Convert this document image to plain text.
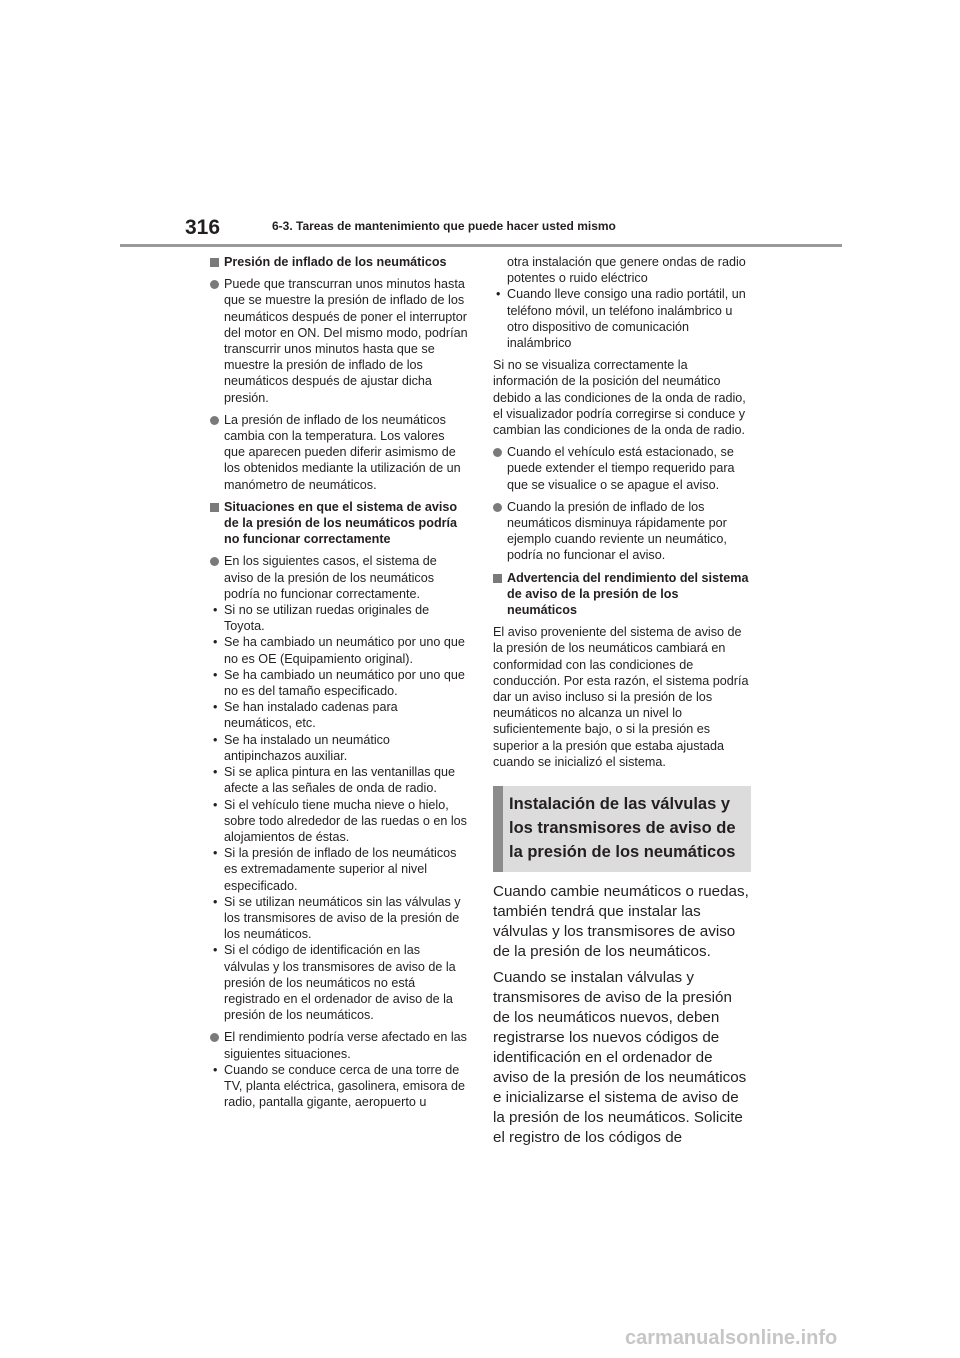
316	6-3. Tareas de mantenimiento que puede hacer usted mismo
Presión de inflado de los neumáticos
Puede que transcurran unos minutos hasta que se muestre la presión de inflado de los neumáticos después de poner el interruptor del motor en ON. Del mismo modo, podrían transcurrir unos minutos hasta que se muestre la presión de inflado de los neumáticos después de ajustar dicha presión.
La presión de inflado de los neumáticos cambia con la temperatura. Los valores que aparecen pueden diferir asimismo de los obtenidos mediante la utilización de un manómetro de neumáticos.
Situaciones en que el sistema de aviso de la presión de los neumáticos podría no funcionar correctamente
En los siguientes casos, el sistema de aviso de la presión de los neumáticos podría no funcionar correctamente.
• Si no se utilizan ruedas originales de Toyota.
• Se ha cambiado un neumático por uno que no es OE (Equipamiento original).
• Se ha cambiado un neumático por uno que no es del tamaño especificado.
• Se han instalado cadenas para neumáticos, etc.
• Se ha instalado un neumático antipinchazos auxiliar.
• Si se aplica pintura en las ventanillas que afecte a las señales de onda de radio.
• Si el vehículo tiene mucha nieve o hielo, sobre todo alrededor de las ruedas o en los alojamientos de éstas.
• Si la presión de inflado de los neumáticos es extremadamente superior al nivel especificado.
• Si se utilizan neumáticos sin las válvulas y los transmisores de aviso de la presión de los neumáticos.
• Si el código de identificación en las válvulas y los transmisores de aviso de la presión de los neumáticos no está registrado en el ordenador de aviso de la presión de los neumáticos.
El rendimiento podría verse afectado en las siguientes situaciones.
• Cuando se conduce cerca de una torre de TV, planta eléctrica, gasolinera, emisora de radio, pantalla gigante, aeropuerto u

otra instalación que genere ondas de radio potentes o ruido eléctrico

• Cuando lleve consigo una radio portátil, un teléfono móvil, un teléfono inalámbrico u otro dispositivo de comunicación inalámbrico

Si no se visualiza correctamente la información de la posición del neumático debido a las condiciones de la onda de radio, el visualizador podría corregirse si conduce y cambian las condiciones de la onda de radio.

Cuando el vehículo está estacionado, se puede extender el tiempo requerido para que se visualice o se apague el aviso.
Cuando la presión de inflado de los neumáticos disminuya rápidamente por ejemplo cuando reviente un neumático, podría no funcionar el aviso.
Advertencia del rendimiento del sistema de aviso de la presión de los neumáticos

El aviso proveniente del sistema de aviso de la presión de los neumáticos cambiará en conformidad con las condiciones de conducción. Por esta razón, el sistema podría dar un aviso incluso si la presión de los neumáticos no alcanza un nivel lo suficientemente bajo, o si la presión es superior a la presión que estaba ajustada cuando se inicializó el sistema.

Instalación de las válvulas y los transmisores de aviso de la presión de los neumáticos

Cuando cambie neumáticos o ruedas, también tendrá que instalar las válvulas y los transmisores de aviso de la presión de los neumáticos.

Cuando se instalan válvulas y transmisores de aviso de la presión de los neumáticos nuevos, deben registrarse los nuevos códigos de identificación en el ordenador de aviso de la presión de los neumáticos e inicializarse el sistema de aviso de la presión de los neumáticos. Solicite el registro de los códigos de

carmanualsonline.info
